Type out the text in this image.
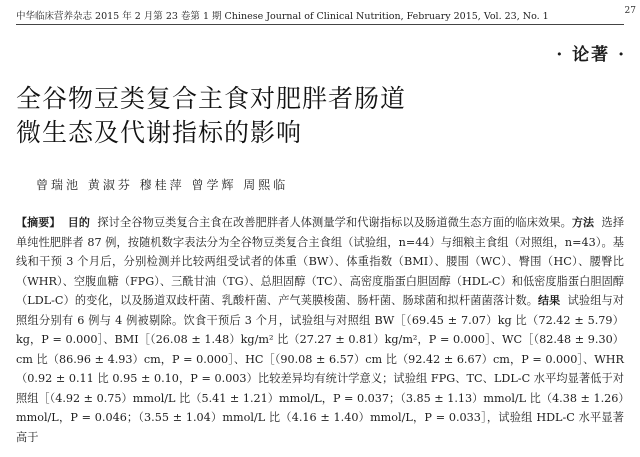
中华临床营养杂志 2015 年 2 月第 23 卷第 1 期 Chinese Journal of Clinical Nutrition, February 2015, Vol. 23, No. 1	27
· 论著 ·
全谷物豆类复合主食对肥胖者肠道
微生态及代谢指标的影响
曾瑞池 黄淑芬 穆桂萍 曾学辉 周熙临

【摘要】 目的 探讨全谷物豆类复合主食在改善肥胖者人体测量学和代谢指标以及肠道微生态方面的临床效果。方法 选择单纯性肥胖者 87 例，按随机数字表法分为全谷物豆类复合主食组（试验组，n=44）与细粮主食组（对照组，n=43）。基线和干预 3 个月后，分别检测并比较两组受试者的体重（BW）、体重指数（BMI）、腰围（WC）、臀围（HC）、腰臀比（WHR）、空腹血糖（FPG）、三酰甘油（TG）、总胆固醇（TC）、高密度脂蛋白胆固醇（HDL-C）和低密度脂蛋白胆固醇（LDL-C）的变化，以及肠道双歧杆菌、乳酸杆菌、产气荚膜梭菌、肠杆菌、肠球菌和拟杆菌菌落计数。结果 试验组与对照组分别有 6 例与 4 例被剔除。饮食干预后 3 个月，试验组与对照组 BW［（69.45 ± 7.07）kg 比（72.42 ± 5.79）kg，P = 0.000］、BMI［（26.08 ± 1.48）kg/m² 比（27.27 ± 0.81）kg/m²，P = 0.000］、WC［（82.48 ± 9.30）cm 比（86.96 ± 4.93）cm，P = 0.000］、HC［（90.08 ± 6.57）cm 比（92.42 ± 6.67）cm，P = 0.000］、WHR（0.92 ± 0.11 比 0.95 ± 0.10，P = 0.003）比较差异均有统计学意义；试验组 FPG、TC、LDL-C 水平均显著低于对照组［（4.92 ± 0.75）mmol/L 比（5.41 ± 1.21）mmol/L，P = 0.037；（3.85 ± 1.13）mmol/L 比（4.38 ± 1.26）mmol/L，P = 0.046；（3.55 ± 1.04）mmol/L 比（4.16 ± 1.40）mmol/L，P = 0.033］，试验组 HDL-C 水平显著高于
